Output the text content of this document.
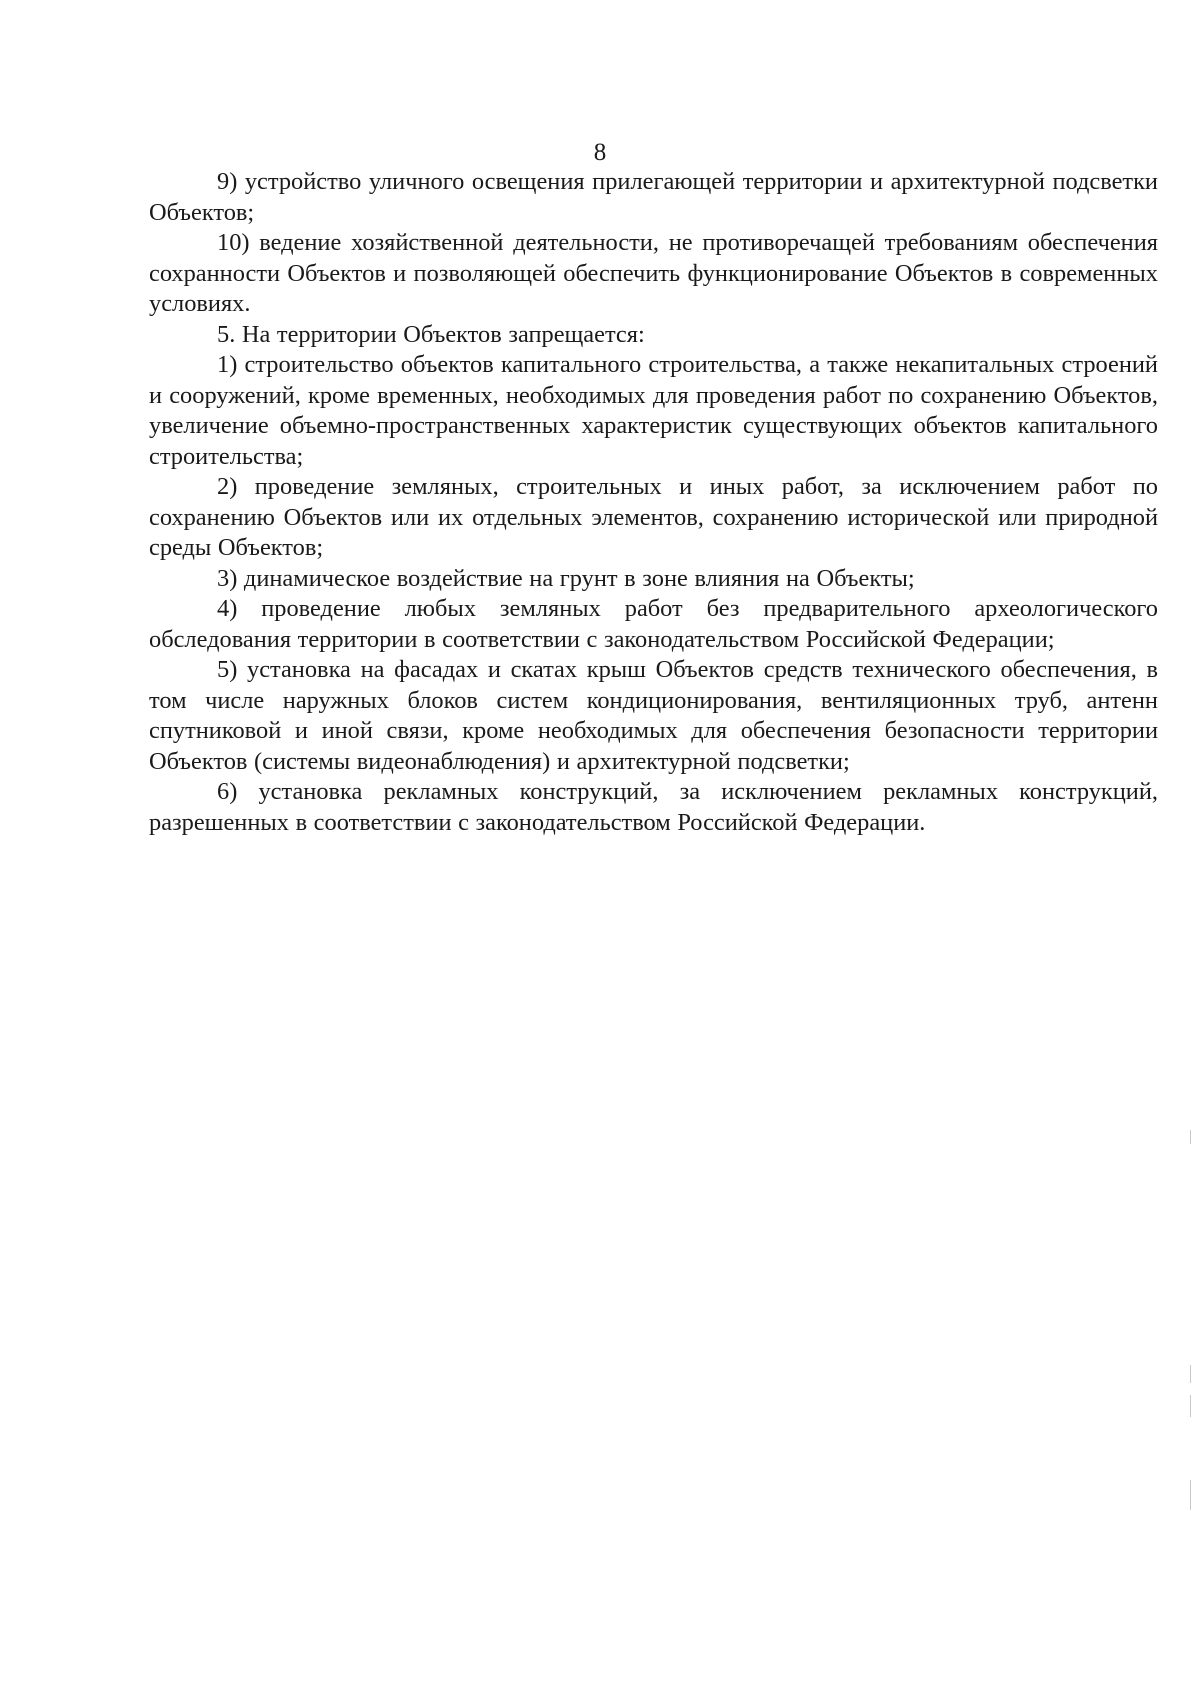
8

9) устройство уличного освещения прилегающей территории и архитектурной подсветки Объектов;

10) ведение хозяйственной деятельности, не противоречащей требованиям обеспечения сохранности Объектов и позволяющей обеспечить функционирование Объектов в современных условиях.

5. На территории Объектов запрещается:

1) строительство объектов капитального строительства, а также некапитальных строений и сооружений, кроме временных, необходимых для проведения работ по сохранению Объектов, увеличение объемно-пространственных характеристик существующих объектов капитального строительства;

2) проведение земляных, строительных и иных работ, за исключением работ по сохранению Объектов или их отдельных элементов, сохранению исторической или природной среды Объектов;

3) динамическое воздействие на грунт в зоне влияния на Объекты;

4) проведение любых земляных работ без предварительного археологического обследования территории в соответствии с законодательством Российской Федерации;

5) установка на фасадах и скатах крыш Объектов средств технического обеспечения, в том числе наружных блоков систем кондиционирования, вентиляционных труб, антенн спутниковой и иной связи, кроме необходимых для обеспечения безопасности территории Объектов (системы видеонаблюдения) и архитектурной подсветки;

6) установка рекламных конструкций, за исключением рекламных конструкций, разрешенных в соответствии с законодательством Российской Федерации.
